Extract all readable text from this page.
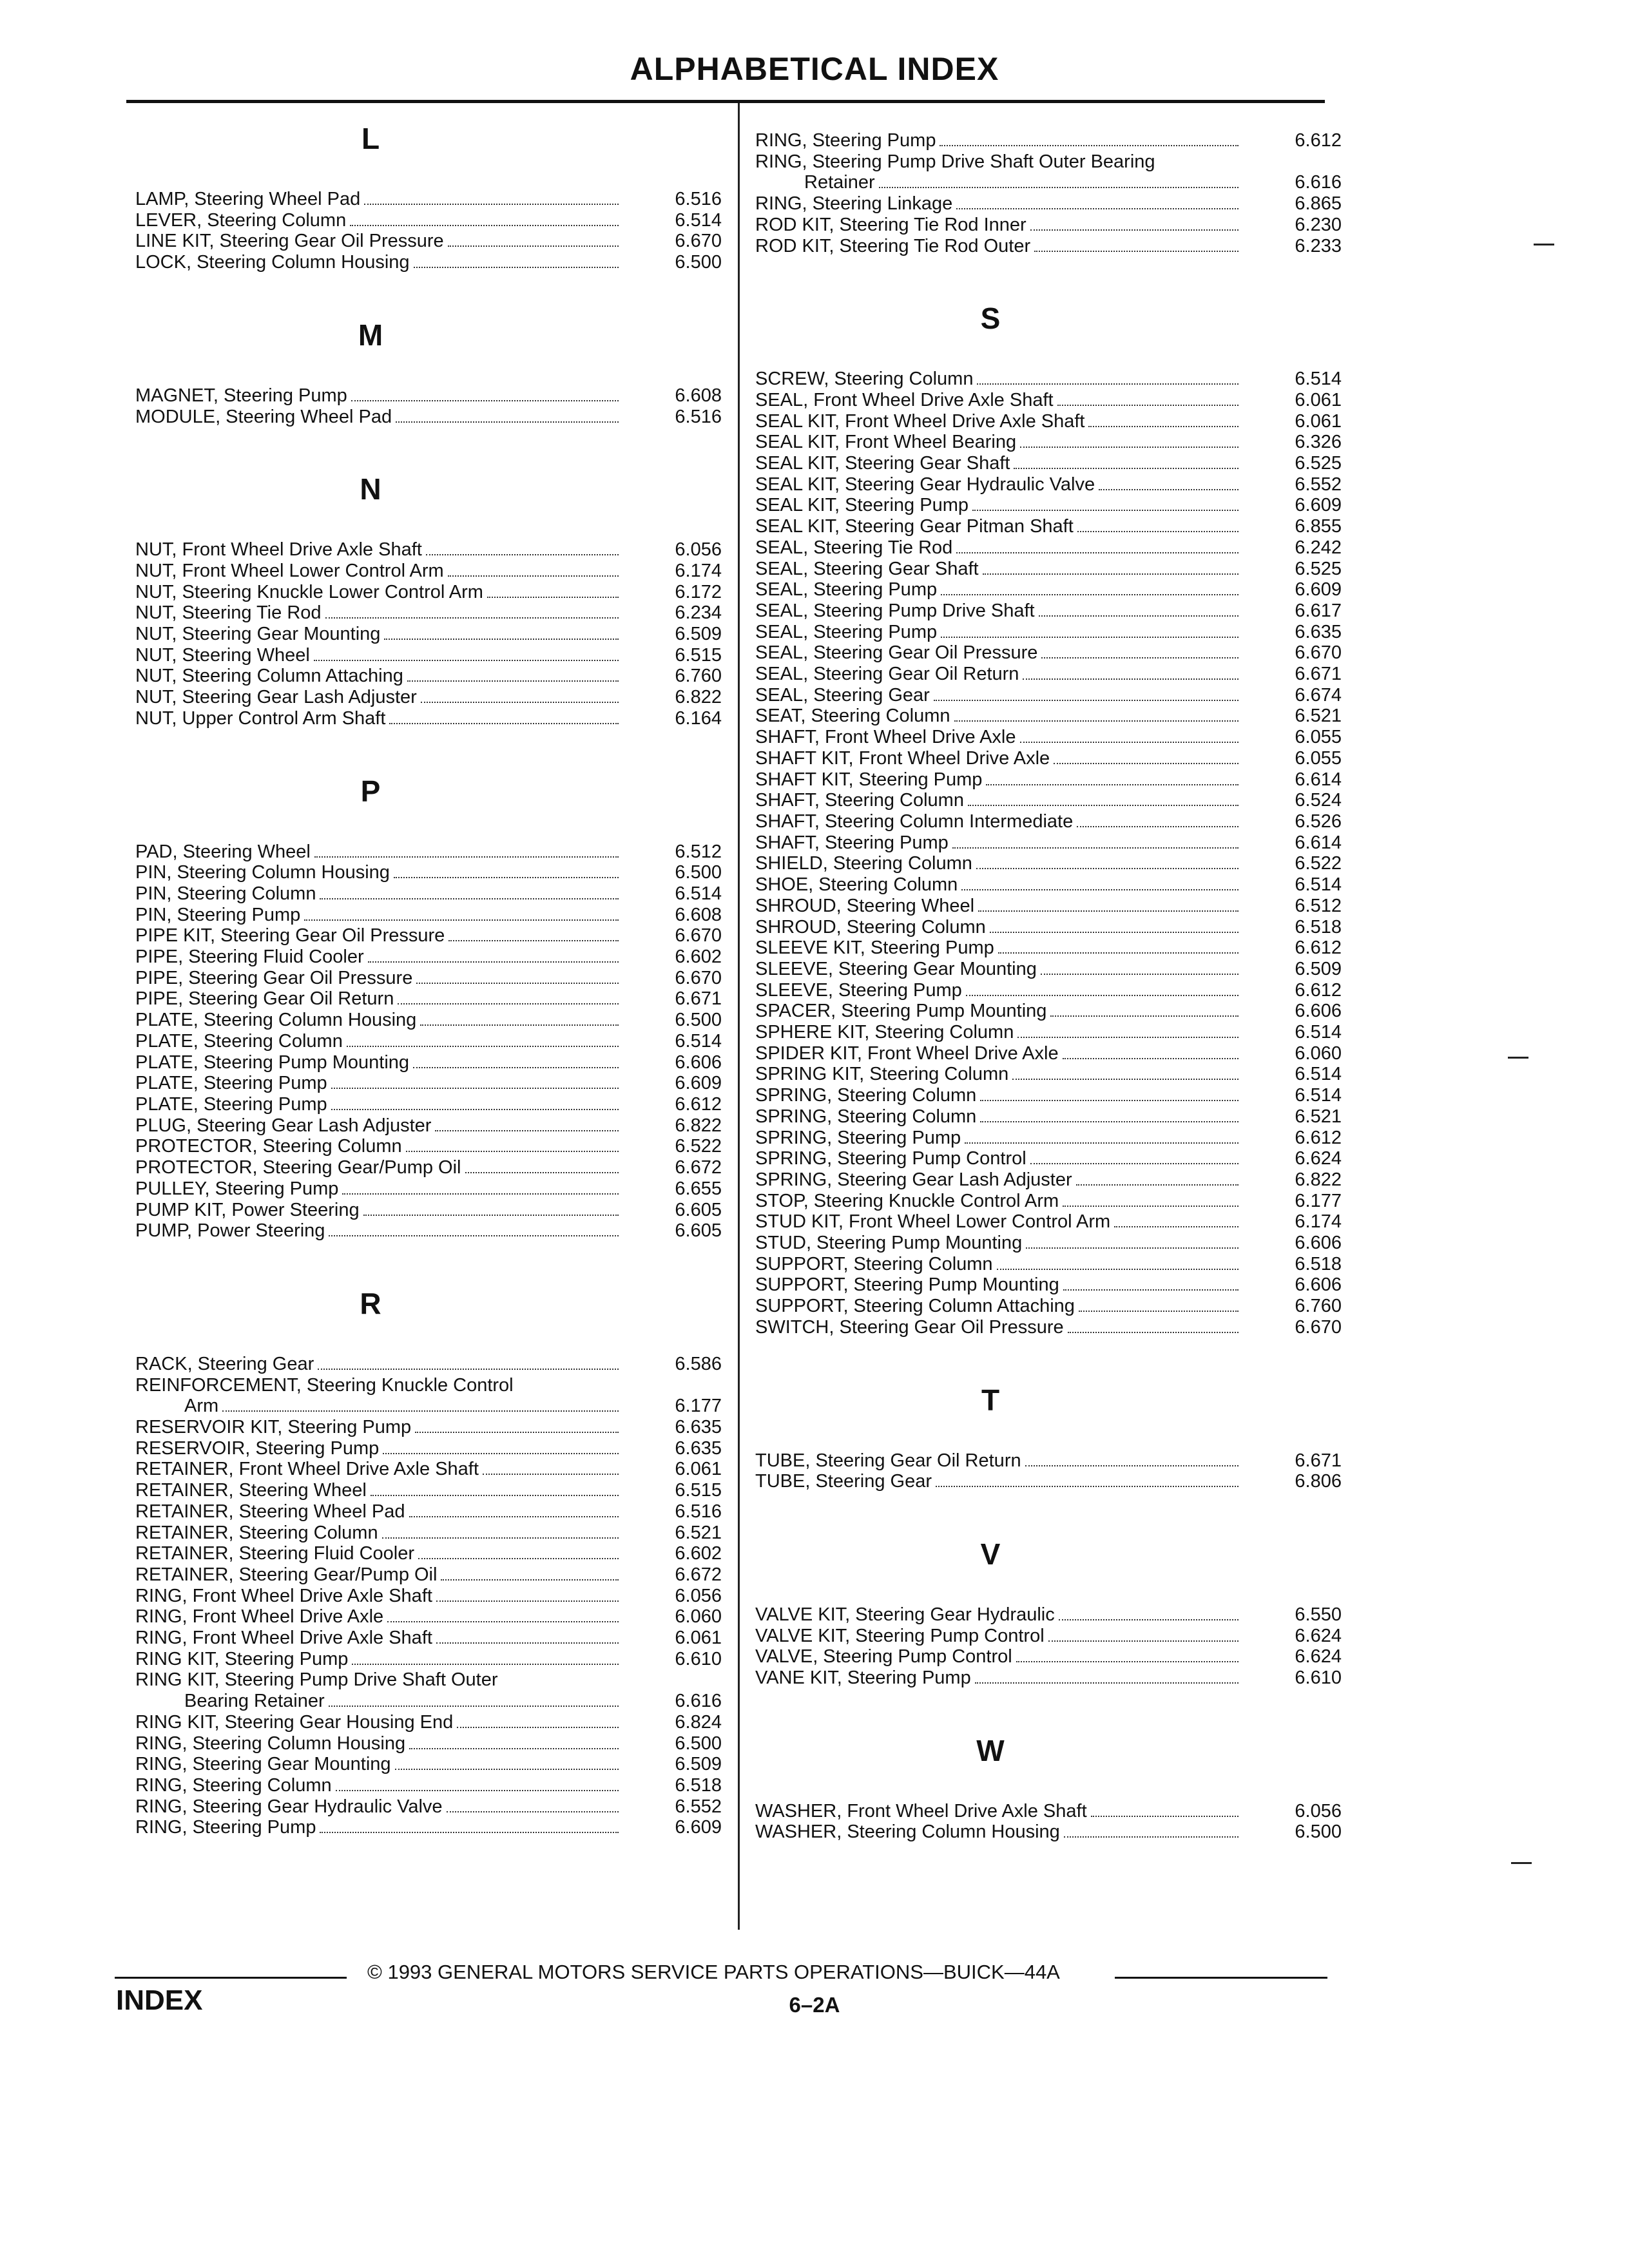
ALPHABETICAL INDEX
L
LAMP, Steering Wheel Pad	6.516
LEVER, Steering Column	6.514
LINE KIT, Steering Gear Oil Pressure	6.670
LOCK, Steering Column Housing	6.500
M
MAGNET, Steering Pump	6.608
MODULE, Steering Wheel Pad	6.516
N
NUT, Front Wheel Drive Axle Shaft	6.056
NUT, Front Wheel Lower Control Arm	6.174
NUT, Steering Knuckle Lower Control Arm	6.172
NUT, Steering Tie Rod	6.234
NUT, Steering Gear Mounting	6.509
NUT, Steering Wheel	6.515
NUT, Steering Column Attaching	6.760
NUT, Steering Gear Lash Adjuster	6.822
NUT, Upper Control Arm Shaft	6.164
P
PAD, Steering Wheel	6.512
PIN, Steering Column Housing	6.500
PIN, Steering Column	6.514
PIN, Steering Pump	6.608
PIPE KIT, Steering Gear Oil Pressure	6.670
PIPE, Steering Fluid Cooler	6.602
PIPE, Steering Gear Oil Pressure	6.670
PIPE, Steering Gear Oil Return	6.671
PLATE, Steering Column Housing	6.500
PLATE, Steering Column	6.514
PLATE, Steering Pump Mounting	6.606
PLATE, Steering Pump	6.609
PLATE, Steering Pump	6.612
PLUG, Steering Gear Lash Adjuster	6.822
PROTECTOR, Steering Column	6.522
PROTECTOR, Steering Gear/Pump Oil	6.672
PULLEY, Steering Pump	6.655
PUMP KIT, Power Steering	6.605
PUMP, Power Steering	6.605
R
RACK, Steering Gear	6.586
REINFORCEMENT, Steering Knuckle Control
Arm	6.177
RESERVOIR KIT, Steering Pump	6.635
RESERVOIR, Steering Pump	6.635
RETAINER, Front Wheel Drive Axle Shaft	6.061
RETAINER, Steering Wheel	6.515
RETAINER, Steering Wheel Pad	6.516
RETAINER, Steering Column	6.521
RETAINER, Steering Fluid Cooler	6.602
RETAINER, Steering Gear/Pump Oil	6.672
RING, Front Wheel Drive Axle Shaft	6.056
RING, Front Wheel Drive Axle	6.060
RING, Front Wheel Drive Axle Shaft	6.061
RING KIT, Steering Pump	6.610
RING KIT, Steering Pump Drive Shaft Outer
Bearing Retainer	6.616
RING KIT, Steering Gear Housing End	6.824
RING, Steering Column Housing	6.500
RING, Steering Gear Mounting	6.509
RING, Steering Column	6.518
RING, Steering Gear Hydraulic Valve	6.552
RING, Steering Pump	6.609
RING, Steering Pump	6.612
RING, Steering Pump Drive Shaft Outer Bearing
Retainer	6.616
RING, Steering Linkage	6.865
ROD KIT, Steering Tie Rod Inner	6.230
ROD KIT, Steering Tie Rod Outer	6.233
S
SCREW, Steering Column	6.514
SEAL, Front Wheel Drive Axle Shaft	6.061
SEAL KIT, Front Wheel Drive Axle Shaft	6.061
SEAL KIT, Front Wheel Bearing	6.326
SEAL KIT, Steering Gear Shaft	6.525
SEAL KIT, Steering Gear Hydraulic Valve	6.552
SEAL KIT, Steering Pump	6.609
SEAL KIT, Steering Gear Pitman Shaft	6.855
SEAL, Steering Tie Rod	6.242
SEAL, Steering Gear Shaft	6.525
SEAL, Steering Pump	6.609
SEAL, Steering Pump Drive Shaft	6.617
SEAL, Steering Pump	6.635
SEAL, Steering Gear Oil Pressure	6.670
SEAL, Steering Gear Oil Return	6.671
SEAL, Steering Gear	6.674
SEAT, Steering Column	6.521
SHAFT, Front Wheel Drive Axle	6.055
SHAFT KIT, Front Wheel Drive Axle	6.055
SHAFT KIT, Steering Pump	6.614
SHAFT, Steering Column	6.524
SHAFT, Steering Column Intermediate	6.526
SHAFT, Steering Pump	6.614
SHIELD, Steering Column	6.522
SHOE, Steering Column	6.514
SHROUD, Steering Wheel	6.512
SHROUD, Steering Column	6.518
SLEEVE KIT, Steering Pump	6.612
SLEEVE, Steering Gear Mounting	6.509
SLEEVE, Steering Pump	6.612
SPACER, Steering Pump Mounting	6.606
SPHERE KIT, Steering Column	6.514
SPIDER KIT, Front Wheel Drive Axle	6.060
SPRING KIT, Steering Column	6.514
SPRING, Steering Column	6.514
SPRING, Steering Column	6.521
SPRING, Steering Pump	6.612
SPRING, Steering Pump Control	6.624
SPRING, Steering Gear Lash Adjuster	6.822
STOP, Steering Knuckle Control Arm	6.177
STUD KIT, Front Wheel Lower Control Arm	6.174
STUD, Steering Pump Mounting	6.606
SUPPORT, Steering Column	6.518
SUPPORT, Steering Pump Mounting	6.606
SUPPORT, Steering Column Attaching	6.760
SWITCH, Steering Gear Oil Pressure	6.670
T
TUBE, Steering Gear Oil Return	6.671
TUBE, Steering Gear	6.806
V
VALVE KIT, Steering Gear Hydraulic	6.550
VALVE KIT, Steering Pump Control	6.624
VALVE, Steering Pump Control	6.624
VANE KIT, Steering Pump	6.610
W
WASHER, Front Wheel Drive Axle Shaft	6.056
WASHER, Steering Column Housing	6.500
© 1993 GENERAL MOTORS SERVICE PARTS OPERATIONS—BUICK—44A
INDEX	6–2A
